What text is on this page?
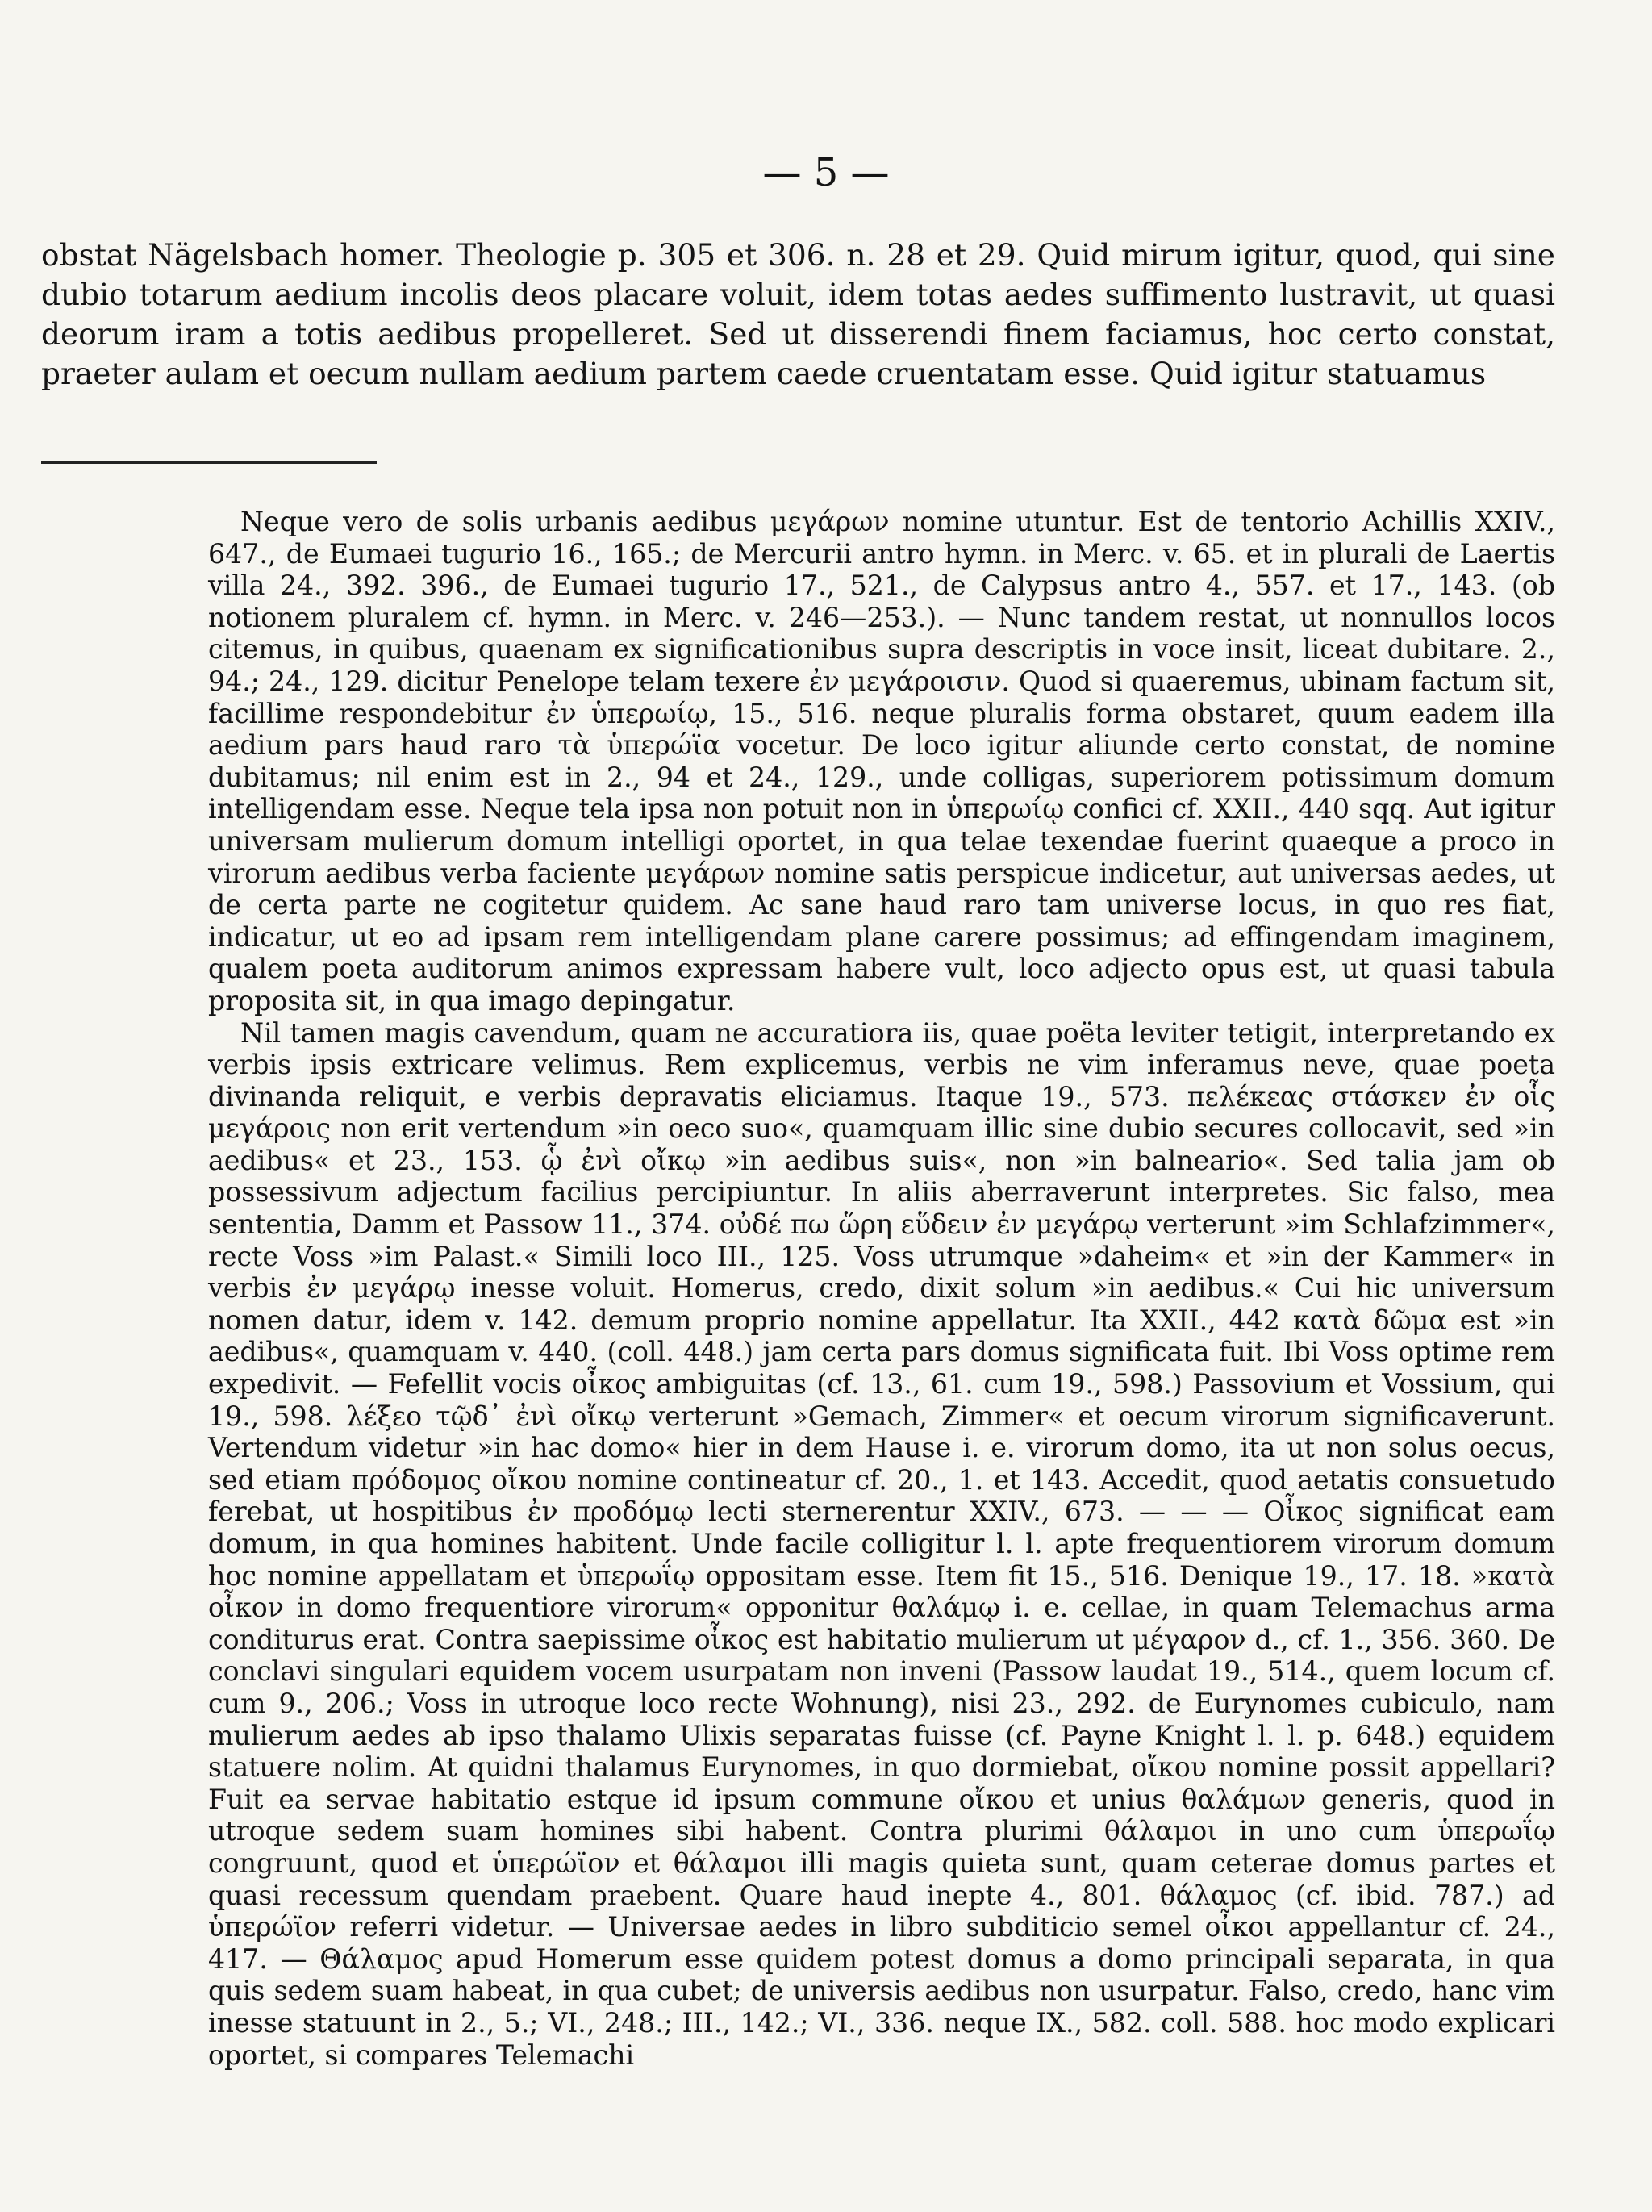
— 5 —

obstat Nägelsbach homer. Theologie p. 305 et 306. n. 28 et 29. Quid mirum igitur, quod, qui sine dubio totarum aedium incolis deos placare voluit, idem totas aedes suffimento lustravit, ut quasi deorum iram a totis aedibus propelleret. Sed ut disserendi finem faciamus, hoc certo constat, praeter aulam et oecum nullam aedium partem caede cruentatam esse. Quid igitur statuamus

Neque vero de solis urbanis aedibus μεγάρων nomine utuntur. Est de tentorio Achillis XXIV., 647., de Eumaei tugurio 16., 165.; de Mercurii antro hymn. in Merc. v. 65. et in plurali de Laertis villa 24., 392. 396., de Eumaei tugurio 17., 521., de Calypsus antro 4., 557. et 17., 143. (ob notionem pluralem cf. hymn. in Merc. v. 246—253.). — Nunc tandem restat, ut nonnullos locos citemus, in quibus, quaenam ex significationibus supra descriptis in voce insit, liceat dubitare. 2., 94.; 24., 129. dicitur Penelope telam texere ἐν μεγάροισιν. Quod si quaeremus, ubinam factum sit, facillime respondebitur ἐν ὑπερωίῳ, 15., 516. neque pluralis forma obstaret, quum eadem illa aedium pars haud raro τὰ ὑπερώϊα vocetur. De loco igitur aliunde certo constat, de nomine dubitamus; nil enim est in 2., 94 et 24., 129., unde colligas, superiorem potissimum domum intelligendam esse. Neque tela ipsa non potuit non in ὑπερωίῳ confici cf. XXII., 440 sqq. Aut igitur universam mulierum domum intelligi oportet, in qua telae texendae fuerint quaeque a proco in virorum aedibus verba faciente μεγάρων nomine satis perspicue indicetur, aut universas aedes, ut de certa parte ne cogitetur quidem. Ac sane haud raro tam universe locus, in quo res fiat, indicatur, ut eo ad ipsam rem intelligendam plane carere possimus; ad effingendam imaginem, qualem poeta auditorum animos expressam habere vult, loco adjecto opus est, ut quasi tabula proposita sit, in qua imago depingatur.

Nil tamen magis cavendum, quam ne accuratiora iis, quae poëta leviter tetigit, interpretando ex verbis ipsis extricare velimus. Rem explicemus, verbis ne vim inferamus neve, quae poeta divinanda reliquit, e verbis depravatis eliciamus. Itaque 19., 573. πελέκεας στάσκεν ἐν οἷς μεγάροις non erit vertendum »in oeco suo«, quamquam illic sine dubio secures collocavit, sed »in aedibus« et 23., 153. ᾧ ἐνὶ οἴκῳ »in aedibus suis«, non »in balneario«. Sed talia jam ob possessivum adjectum facilius percipiuntur. In aliis aberraverunt interpretes. Sic falso, mea sententia, Damm et Passow 11., 374. οὐδέ πω ὥρη εὕδειν ἐν μεγάρῳ verterunt »im Schlafzimmer«, recte Voss »im Palast.« Simili loco III., 125. Voss utrumque »daheim« et »in der Kammer« in verbis ἐν μεγάρῳ inesse voluit. Homerus, credo, dixit solum »in aedibus.« Cui hic universum nomen datur, idem v. 142. demum proprio nomine appellatur. Ita XXII., 442 κατὰ δῶμα est »in aedibus«, quamquam v. 440. (coll. 448.) jam certa pars domus significata fuit. Ibi Voss optime rem expedivit. — Fefellit vocis οἶκος ambiguitas (cf. 13., 61. cum 19., 598.) Passovium et Vossium, qui 19., 598. λέξεο τῷδ᾽ ἐνὶ οἴκῳ verterunt »Gemach, Zimmer« et oecum virorum significaverunt. Vertendum videtur »in hac domo« hier in dem Hause i. e. virorum domo, ita ut non solus oecus, sed etiam πρόδομος οἴκου nomine contineatur cf. 20., 1. et 143. Accedit, quod aetatis consuetudo ferebat, ut hospitibus ἐν προδόμῳ lecti sternerentur XXIV., 673. — — — Οἶκος significat eam domum, in qua homines habitent. Unde facile colligitur l. l. apte frequentiorem virorum domum hoc nomine appellatam et ὑπερωΐῳ oppositam esse. Item fit 15., 516. Denique 19., 17. 18. »κατὰ οἶκον in domo frequentiore virorum« opponitur θαλάμῳ i. e. cellae, in quam Telemachus arma conditurus erat. Contra saepissime οἶκος est habitatio mulierum ut μέγαρον d., cf. 1., 356. 360. De conclavi singulari equidem vocem usurpatam non inveni (Passow laudat 19., 514., quem locum cf. cum 9., 206.; Voss in utroque loco recte Wohnung), nisi 23., 292. de Eurynomes cubiculo, nam mulierum aedes ab ipso thalamo Ulixis separatas fuisse (cf. Payne Knight l. l. p. 648.) equidem statuere nolim. At quidni thalamus Eurynomes, in quo dormiebat, οἴκου nomine possit appellari? Fuit ea servae habitatio estque id ipsum commune οἴκου et unius θαλάμων generis, quod in utroque sedem suam homines sibi habent. Contra plurimi θάλαμοι in uno cum ὑπερωΐῳ congruunt, quod et ὑπερώϊον et θάλαμοι illi magis quieta sunt, quam ceterae domus partes et quasi recessum quendam praebent. Quare haud inepte 4., 801. θάλαμος (cf. ibid. 787.) ad ὑπερώϊον referri videtur. — Universae aedes in libro subditicio semel οἶκοι appellantur cf. 24., 417. — Θάλαμος apud Homerum esse quidem potest domus a domo principali separata, in qua quis sedem suam habeat, in qua cubet; de universis aedibus non usurpatur. Falso, credo, hanc vim inesse statuunt in 2., 5.; VI., 248.; III., 142.; VI., 336. neque IX., 582. coll. 588. hoc modo explicari oportet, si compares Telemachi
